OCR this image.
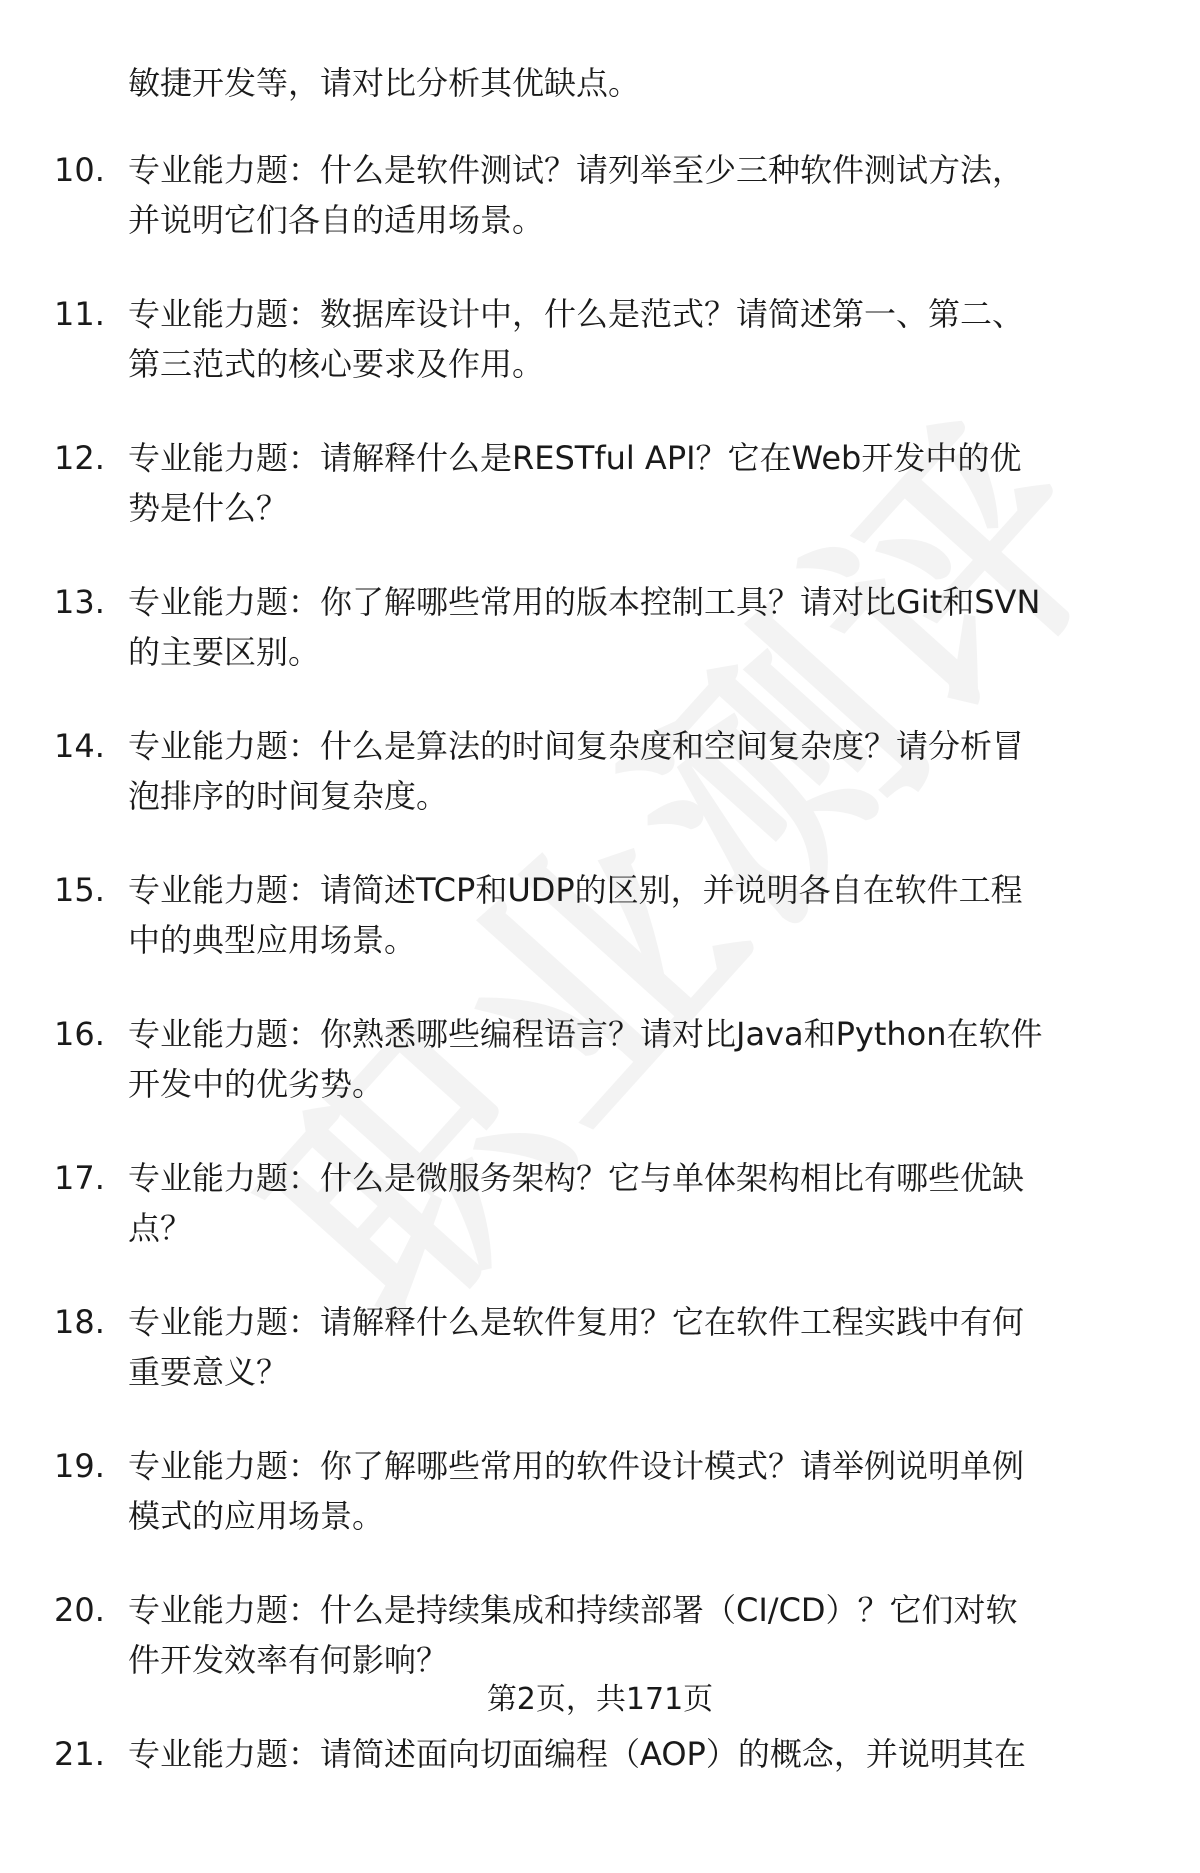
敏捷开发等，请对比分析其优缺点。
10. 专业能力题：什么是软件测试？请列举至少三种软件测试方法，
并说明它们各自的适用场景。
11. 专业能力题：数据库设计中，什么是范式？请简述第一、第二、
第三范式的核心要求及作用。
12. 专业能力题：请解释什么是RESTful API？它在Web开发中的优
势是什么？
13. 专业能力题：你了解哪些常用的版本控制工具？请对比Git和SVN
的主要区别。
14. 专业能力题：什么是算法的时间复杂度和空间复杂度？请分析冒
泡排序的时间复杂度。
15. 专业能力题：请简述TCP和UDP的区别，并说明各自在软件工程
中的典型应用场景。
16. 专业能力题：你熟悉哪些编程语言？请对比Java和Python在软件
开发中的优劣势。
17. 专业能力题：什么是微服务架构？它与单体架构相比有哪些优缺
点？
18. 专业能力题：请解释什么是软件复用？它在软件工程实践中有何
重要意义？
19. 专业能力题：你了解哪些常用的软件设计模式？请举例说明单例
模式的应用场景。
20. 专业能力题：什么是持续集成和持续部署（CI/CD）？它们对软
件开发效率有何影响？
21. 专业能力题：请简述面向切面编程（AOP）的概念，并说明其在
第2页，共171页
